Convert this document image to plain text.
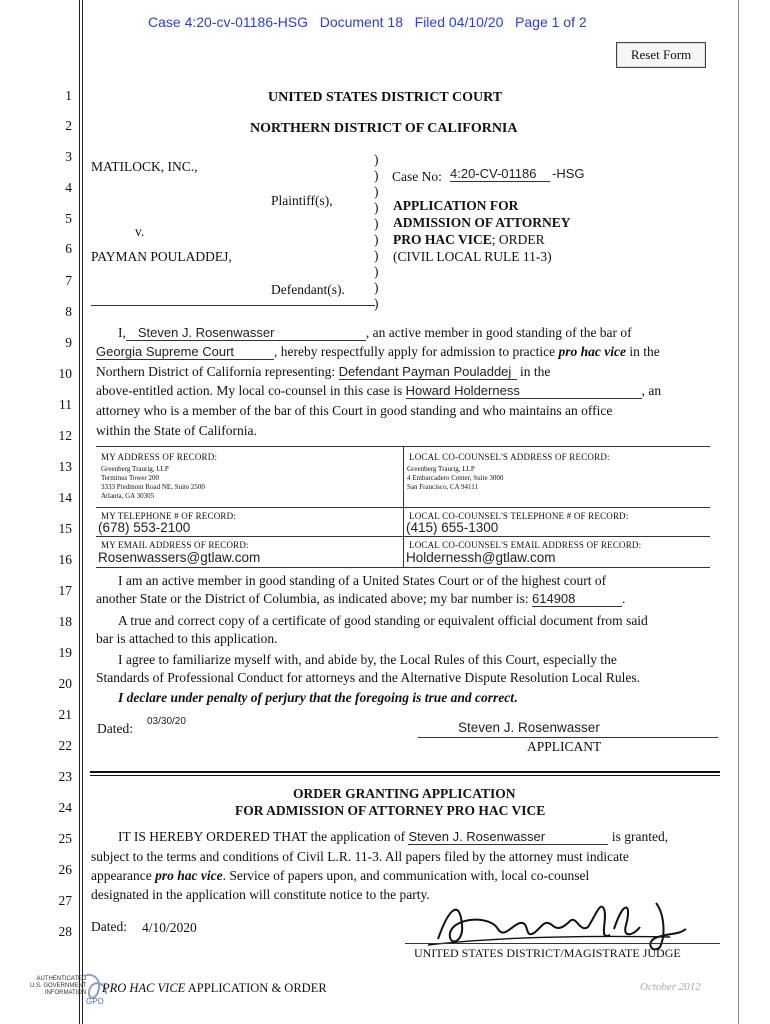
Case 4:20-cv-01186-HSG   Document 18   Filed 04/10/20   Page 1 of 2
Reset Form
1
2
3
4
5
6
7
8
9
10
11
12
13
14
15
16
17
18
19
20
21
22
23
24
25
26
27
28
UNITED STATES DISTRICT COURT
NORTHERN DISTRICT OF CALIFORNIA
MATILOCK, INC.,
Plaintiff(s),
v.
PAYMAN POULADDEJ,
Defendant(s).
)
)
)
)
)
)
)
)
)
)
Case No: 4:20-CV-01186	-HSG
APPLICATION FOR
ADMISSION OF ATTORNEY
PRO HAC VICE; ORDER
(CIVIL LOCAL RULE 11-3)
I, Steven J. Rosenwasser	, an active member in good standing of the bar of
Georgia Supreme Court	, hereby respectfully apply for admission to practice pro hac vice in the
Northern District of California representing: Defendant Payman Pouladdej in the
above-entitled action. My local co-counsel in this case is Howard Holderness	, an
attorney who is a member of the bar of this Court in good standing and who maintains an office
within the State of California.
MY ADDRESS OF RECORD:
Greenberg Traurig, LLP
Terminus Tower 200
3333 Piedmont Road NE, Suite 2500
Atlanta, GA 30305
LOCAL CO-COUNSEL'S ADDRESS OF RECORD:
Greenberg Traurig, LLP
4 Embarcadero Center, Suite 3000
San Francisco, CA 94111
MY TELEPHONE # OF RECORD:
(678) 553-2100
LOCAL CO-COUNSEL'S TELEPHONE # OF RECORD:
(415) 655-1300
MY EMAIL ADDRESS OF RECORD:
Rosenwassers@gtlaw.com
LOCAL CO-COUNSEL'S EMAIL ADDRESS OF RECORD:
Holdernessh@gtlaw.com
I am an active member in good standing of a United States Court or of the highest court of
another State or the District of Columbia, as indicated above; my bar number is: 614908	.
A true and correct copy of a certificate of good standing or equivalent official document from said
bar is attached to this application.
I agree to familiarize myself with, and abide by, the Local Rules of this Court, especially the
Standards of Professional Conduct for attorneys and the Alternative Dispute Resolution Local Rules.
I declare under penalty of perjury that the foregoing is true and correct.
Dated: 03/30/20	Steven J. Rosenwasser
APPLICANT
ORDER GRANTING APPLICATION
FOR ADMISSION OF ATTORNEY PRO HAC VICE
IT IS HEREBY ORDERED THAT the application of Steven J. Rosenwasser	is granted,
subject to the terms and conditions of Civil L.R. 11-3. All papers filed by the attorney must indicate
appearance pro hac vice. Service of papers upon, and communication with, local co-counsel
designated in the application will constitute notice to the party.
Dated: 4/10/2020
UNITED STATES DISTRICT/MAGISTRATE JUDGE
AUTHENTICATED
U.S. GOVERNMENT
INFORMATION
GPO
PRO HAC VICE APPLICATION & ORDER	October 2012
